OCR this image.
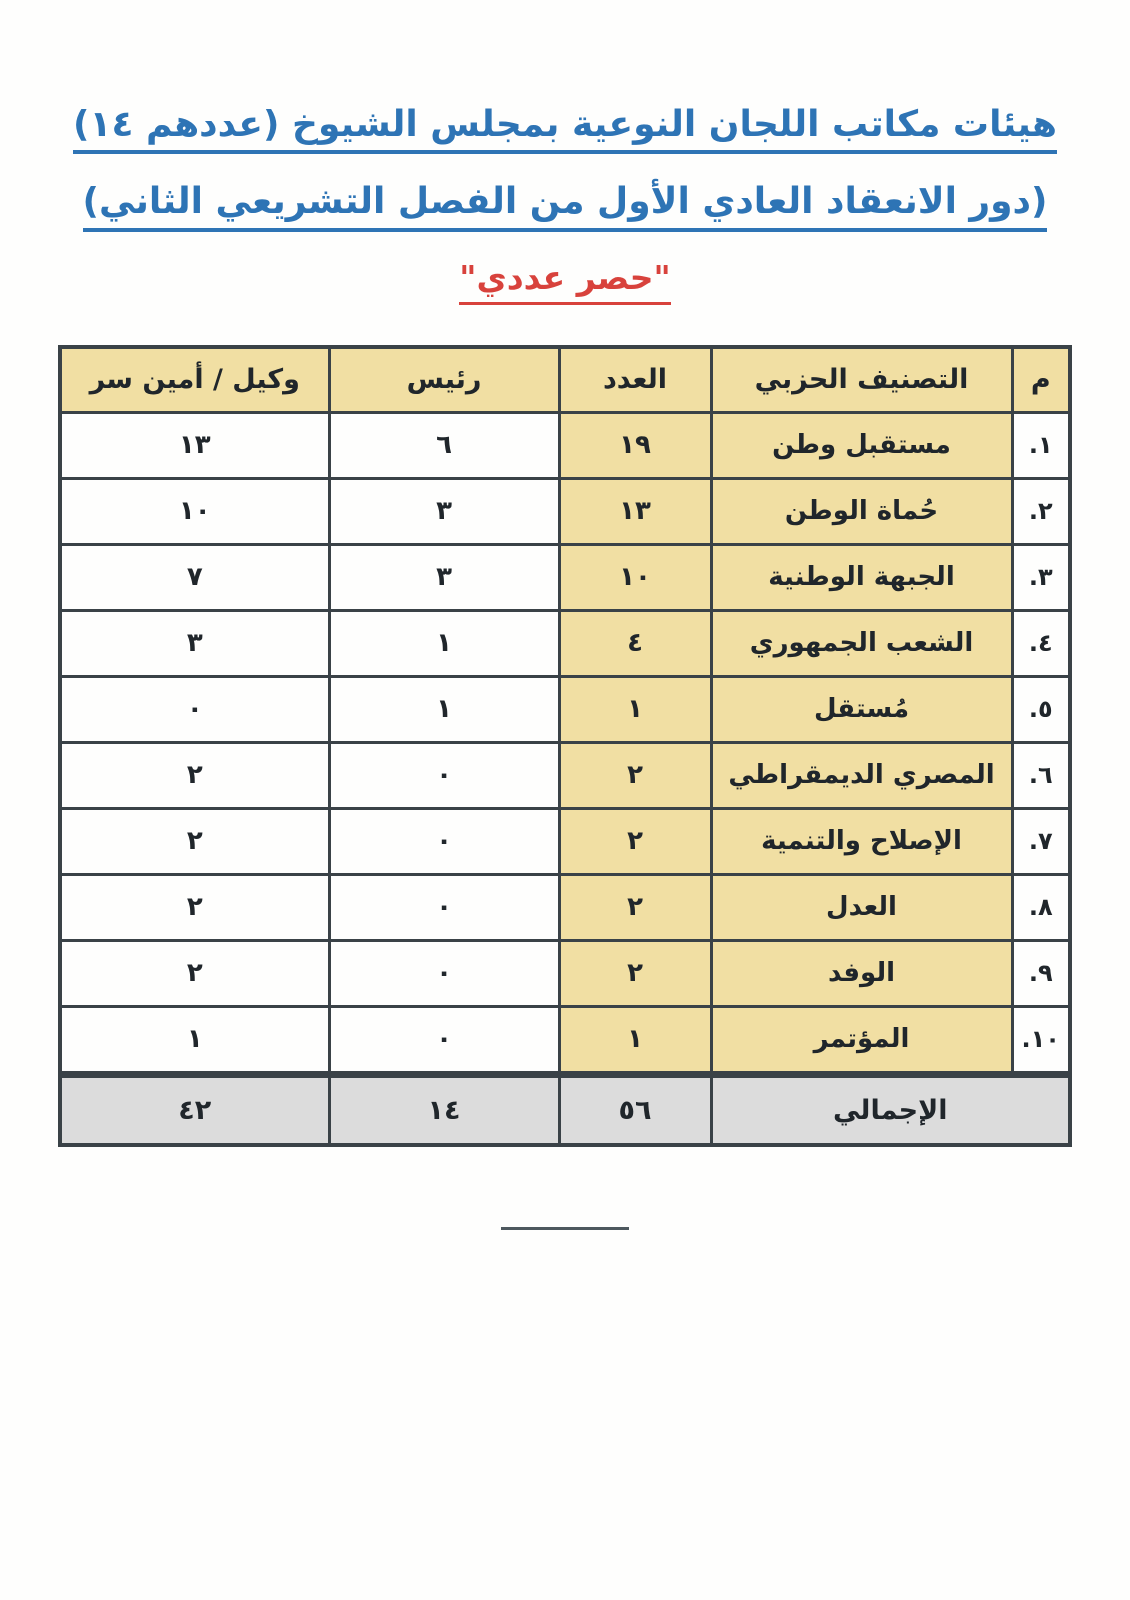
هيئات مكاتب اللجان النوعية بمجلس الشيوخ (عددهم ١٤)
(دور الانعقاد العادي الأول من الفصل التشريعي الثاني)
"حصر عددي"
م	التصنيف الحزبي	العدد	رئيس	وكيل / أمين سر
١.	مستقبل وطن	١٩	٦	١٣
٢.	حُماة الوطن	١٣	٣	١٠
٣.	الجبهة الوطنية	١٠	٣	٧
٤.	الشعب الجمهوري	٤	١	٣
٥.	مُستقل	١	١	٠
٦.	المصري الديمقراطي	٢	٠	٢
٧.	الإصلاح والتنمية	٢	٠	٢
٨.	العدل	٢	٠	٢
٩.	الوفد	٢	٠	٢
١٠.	المؤتمر	١	٠	١
الإجمالي		٥٦	١٤	٤٢
